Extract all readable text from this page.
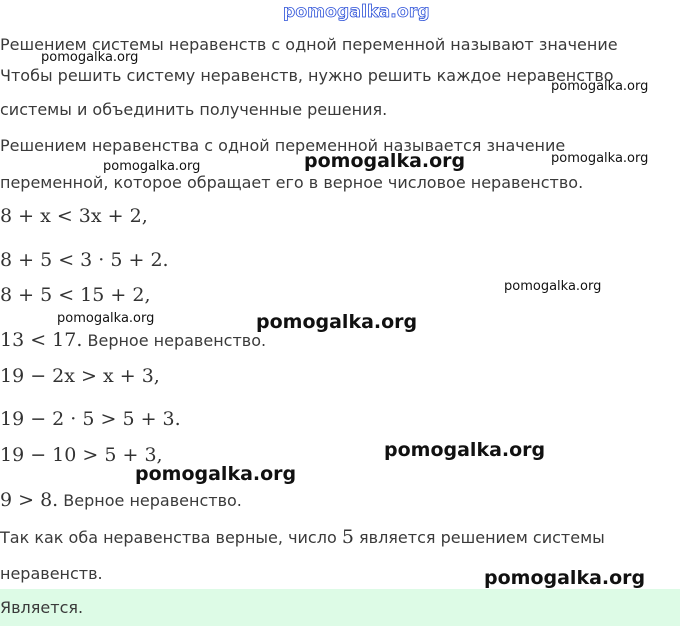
pomogalka.org
Решением системы неравенств с одной переменной называют значение
Чтобы решить систему неравенств, нужно решить каждое неравенство
системы и объединить полученные решения.
Решением неравенства с одной переменной называется значение
переменной, которое обращает его в верное числовое неравенство.
8 + x < 3x + 2,
8 + 5 < 3 · 5 + 2.
8 + 5 < 15 + 2,
13 < 17. Верное неравенство.
19 − 2x > x + 3,
19 − 2 · 5 > 5 + 3.
19 − 10 > 5 + 3,
9 > 8. Верное неравенство.
Так как оба неравенства верные, число 5 является решением системы
неравенств.
Является.
pomogalka.org
pomogalka.org
pomogalka.org
pomogalka.org	pomogalka.org
pomogalka.org
pomogalka.org	pomogalka.org
pomogalka.org
pomogalka.org
pomogalka.org
